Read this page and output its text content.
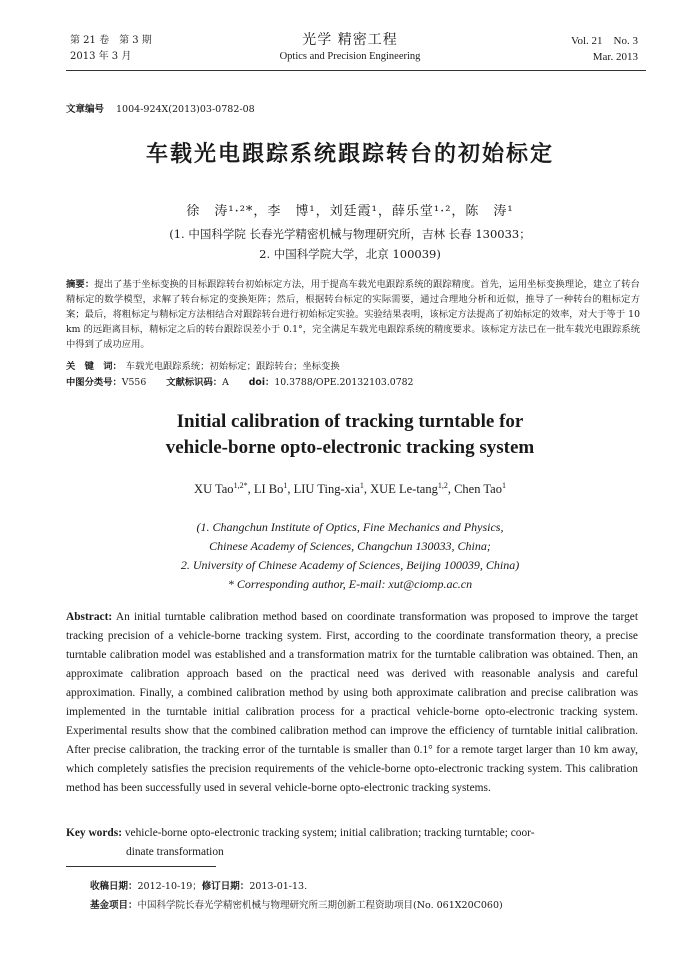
第 21 卷　第 3 期
2013 年 3 月
光学 精密工程
Optics and Precision Engineering
Vol. 21　No. 3
Mar. 2013
文章编号 1004-924X(2013)03-0782-08
车载光电跟踪系统跟踪转台的初始标定
徐　涛¹·²*，李　博¹，刘廷霞¹，薛乐堂¹·²，陈　涛¹
(1. 中国科学院 长春光学精密机械与物理研究所，吉林 长春 130033；
2. 中国科学院大学，北京 100039)
摘要：提出了基于坐标变换的目标跟踪转台初始标定方法，用于提高车载光电跟踪系统的跟踪精度。首先，运用坐标变换理论，建立了转台精标定的数学模型，求解了转台标定的变换矩阵；然后，根据转台标定的实际需要，通过合理地分析和近似，推导了一种转台的粗标定方案；最后，将粗标定与精标定方法相结合对跟踪转台进行初始标定实验。实验结果表明，该标定方法提高了初始标定的效率，对大于等于 10 km 的远距离目标，精标定之后的转台跟踪误差小于 0.1°，完全满足车载光电跟踪系统的精度要求。该标定方法已在一批车载光电跟踪系统中得到了成功应用。
关　键　词： 车载光电跟踪系统；初始标定；跟踪转台；坐标变换
中图分类号：V556 文献标识码：A doi：10.3788/OPE.20132103.0782
Initial calibration of tracking turntable for
vehicle-borne opto-electronic tracking system
XU Tao$^{1,2*}$, LI Bo$^1$, LIU Ting-xia$^1$, XUE Le-tang$^{1,2}$, Chen Tao$^1$
(1. Changchun Institute of Optics, Fine Mechanics and Physics,
Chinese Academy of Sciences, Changchun 130033, China;
2. University of Chinese Academy of Sciences, Beijing 100039, China)
* Corresponding author, E-mail: xut@ciomp.ac.cn
Abstract: An initial turntable calibration method based on coordinate transformation was proposed to improve the target tracking precision of a vehicle-borne tracking system. First, according to the coordinate transformation theory, a precise turntable calibration model was established and a transformation matrix for the turntable calibration was obtained. Then, an approximate calibration approach based on the practical need was derived with reasonable analysis and careful approximation. Finally, a combined calibration method by using both approximate calibration and precise calibration was implemented in the turntable initial calibration process for a practical vehicle-borne opto-electronic tracking system. Experimental results show that the combined calibration method can improve the efficiency of turntable initial calibration. After precise calibration, the tracking error of the turntable is smaller than 0.1° for a remote target larger than 10 km away, which completely satisfies the precision requirements of the vehicle-borne opto-electronic tracking system. This calibration method has been successfully used in several vehicle-borne opto-electronic tracking systems.
Key words: vehicle-borne opto-electronic tracking system; initial calibration; tracking turntable; coor-
dinate transformation
收稿日期：2012-10-19；修订日期：2013-01-13.
基金项目：中国科学院长春光学精密机械与物理研究所三期创新工程资助项目(No. 061X20C060)
